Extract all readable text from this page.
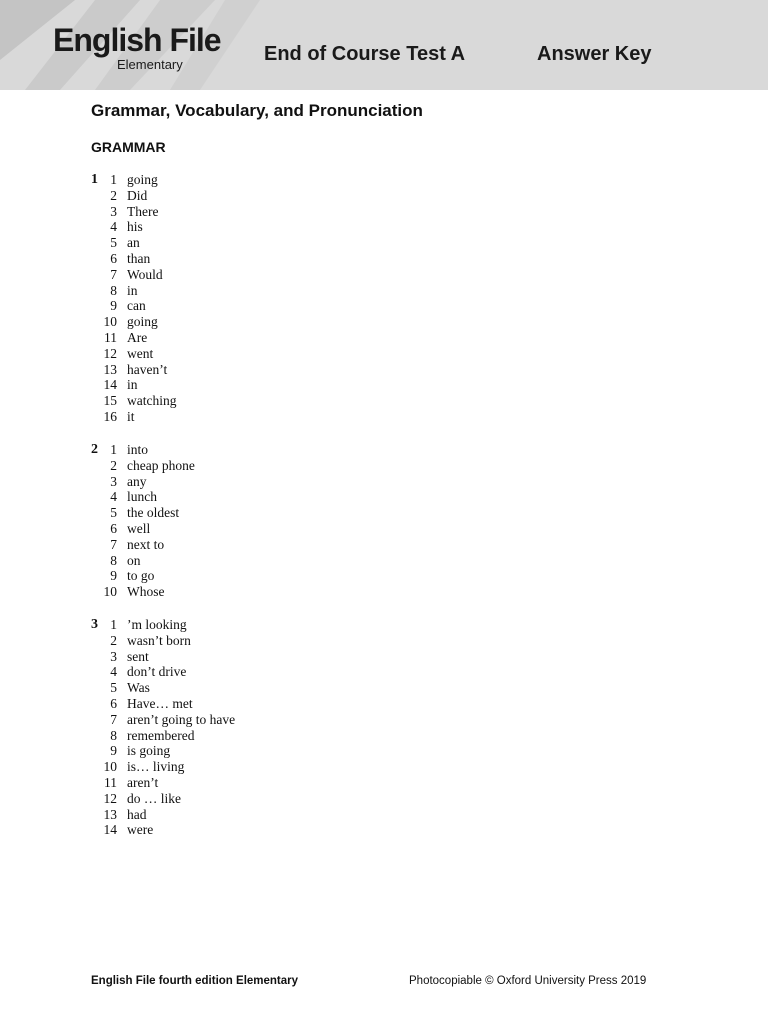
English File
Elementary	End of Course Test A	Answer Key
Grammar, Vocabulary, and Pronunciation
GRAMMAR
1 1 going
2 Did
3 There
4 his
5 an
6 than
7 Would
8 in
9 can
10 going
11 Are
12 went
13 haven’t
14 in
15 watching
16 it
2 1 into
2 cheap phone
3 any
4 lunch
5 the oldest
6 well
7 next to
8 on
9 to go
10 Whose
3 1 ’m looking
2 wasn’t born
3 sent
4 don’t drive
5 Was
6 Have… met
7 aren’t going to have
8 remembered
9 is going
10 is… living
11 aren’t
12 do … like
13 had
14 were
English File fourth edition Elementary	Photocopiable © Oxford University Press 2019
